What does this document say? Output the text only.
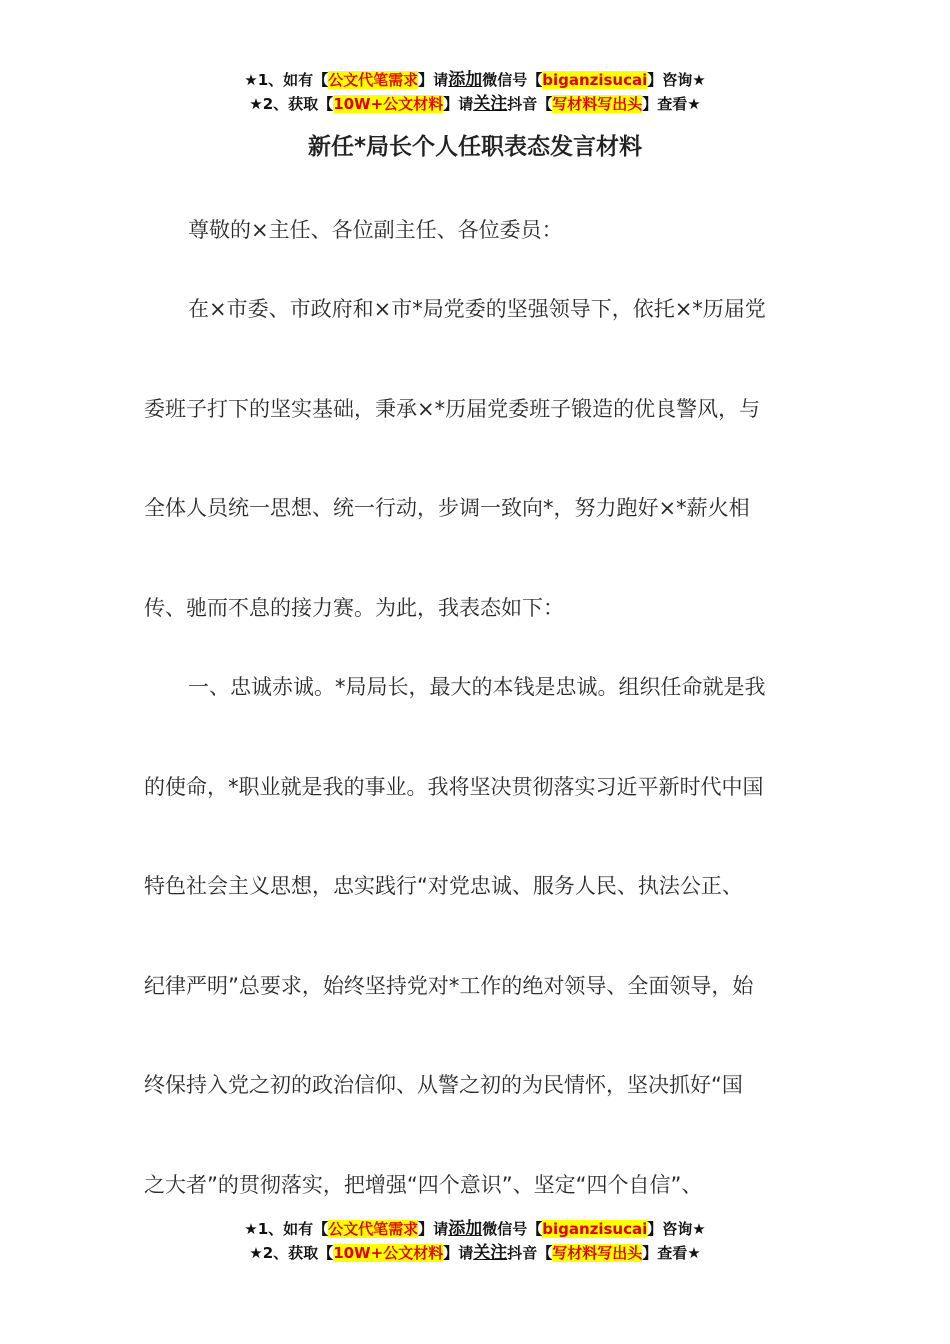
★1、如有【公文代笔需求】请添加微信号【biganzisucai】咨询★
★2、获取【10W+公文材料】请关注抖音【写材料写出头】查看★
新任*局长个人任职表态发言材料
尊敬的×主任、各位副主任、各位委员：
在×市委、市政府和×市*局党委的坚强领导下，依托×*历届党
委班子打下的坚实基础，秉承×*历届党委班子锻造的优良警风，与
全体人员统一思想、统一行动，步调一致向*，努力跑好×*薪火相
传、驰而不息的接力赛。为此，我表态如下：
一、忠诚赤诚。*局局长，最大的本钱是忠诚。组织任命就是我
的使命，*职业就是我的事业。我将坚决贯彻落实习近平新时代中国
特色社会主义思想，忠实践行“对党忠诚、服务人民、执法公正、
纪律严明”总要求，始终坚持党对*工作的绝对领导、全面领导，始
终保持入党之初的政治信仰、从警之初的为民情怀，坚决抓好“国
之大者”的贯彻落实，把增强“四个意识”、坚定“四个自信”、
★1、如有【公文代笔需求】请添加微信号【biganzisucai】咨询★
★2、获取【10W+公文材料】请关注抖音【写材料写出头】查看★
